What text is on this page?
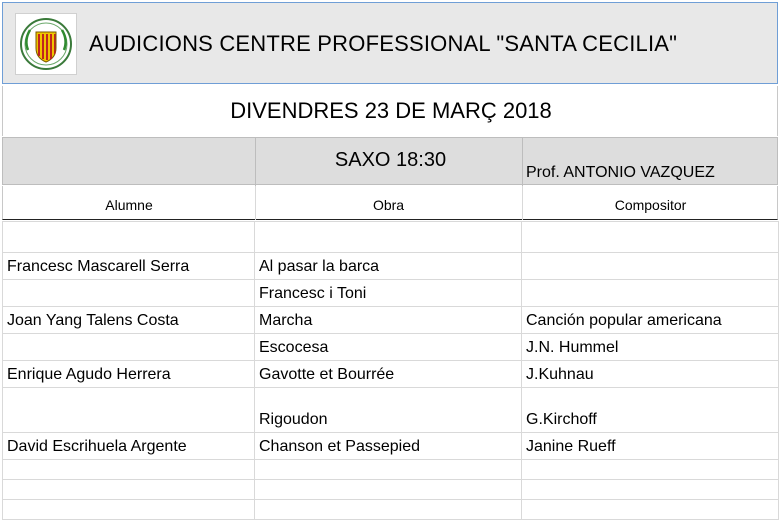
AUDICIONS CENTRE PROFESSIONAL "SANTA CECILIA"
DIVENDRES 23 DE MARÇ 2018
SAXO 18:30
Prof. ANTONIO VAZQUEZ
Alumne	Obra	Compositor

Francesc Mascarell Serra	Al pasar la barca	
	Francesc i Toni	
Joan Yang Talens Costa	Marcha	Canción popular americana
	Escocesa	J.N. Hummel
Enrique Agudo Herrera	Gavotte et Bourrée	J.Kuhnau
	Rigoudon	G.Kirchoff
David Escrihuela Argente	Chanson et Passepied	Janine Rueff
